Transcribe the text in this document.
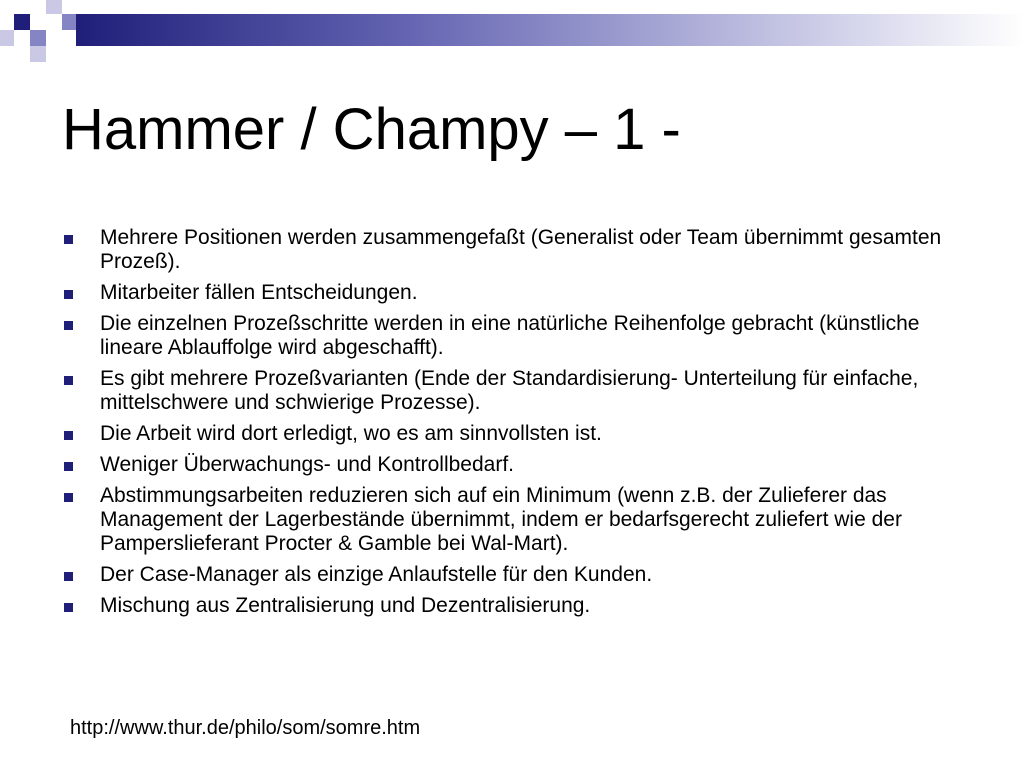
Hammer / Champy – 1 -
Mehrere Positionen werden zusammengefaßt (Generalist oder Team übernimmt gesamten Prozeß).
Mitarbeiter fällen Entscheidungen.
Die einzelnen Prozeßschritte werden in eine natürliche Reihenfolge gebracht (künstliche lineare Ablauffolge wird abgeschafft).
Es gibt mehrere Prozeßvarianten (Ende der Standardisierung- Unterteilung für einfache, mittelschwere und schwierige Prozesse).
Die Arbeit wird dort erledigt, wo es am sinnvollsten ist.
Weniger Überwachungs- und Kontrollbedarf.
Abstimmungsarbeiten reduzieren sich auf ein Minimum (wenn z.B. der Zulieferer das Management der Lagerbestände übernimmt, indem er bedarfsgerecht zuliefert wie der Pamperslieferant Procter & Gamble bei Wal-Mart).
Der Case-Manager als einzige Anlaufstelle für den Kunden.
Mischung aus Zentralisierung und Dezentralisierung.
http://www.thur.de/philo/som/somre.htm
